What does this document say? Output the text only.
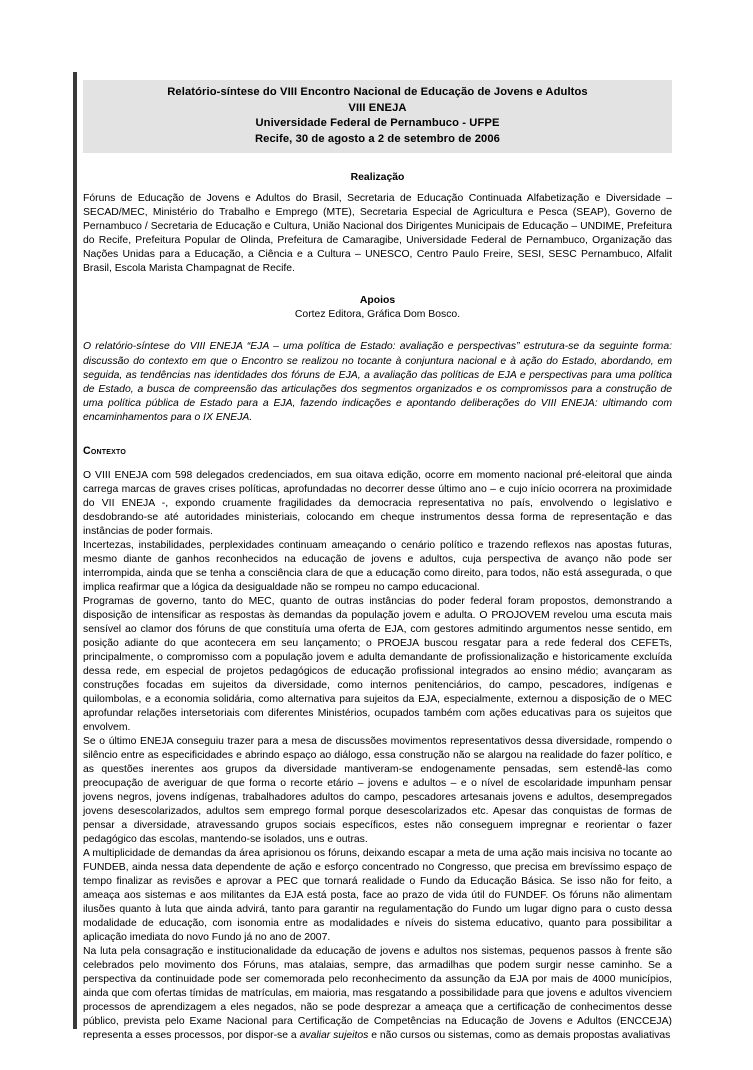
Relatório-síntese do VIII Encontro Nacional de Educação de Jovens e Adultos
VIII ENEJA
Universidade Federal de Pernambuco - UFPE
Recife, 30 de agosto a 2 de setembro de 2006
Realização

Fóruns de Educação de Jovens e Adultos do Brasil, Secretaria de Educação Continuada Alfabetização e Diversidade – SECAD/MEC, Ministério do Trabalho e Emprego (MTE), Secretaria Especial de Agricultura e Pesca (SEAP), Governo de Pernambuco / Secretaria de Educação e Cultura, União Nacional dos Dirigentes Municipais de Educação – UNDIME, Prefeitura do Recife, Prefeitura Popular de Olinda, Prefeitura de Camaragibe, Universidade Federal de Pernambuco, Organização das Nações Unidas para a Educação, a Ciência e a Cultura – UNESCO, Centro Paulo Freire, SESI, SESC Pernambuco, Alfalit Brasil, Escola Marista Champagnat de Recife.

Apoios
Cortez Editora, Gráfica Dom Bosco.

O relatório-síntese do VIII ENEJA “EJA – uma política de Estado: avaliação e perspectivas” estrutura-se da seguinte forma: discussão do contexto em que o Encontro se realizou no tocante à conjuntura nacional e à ação do Estado, abordando, em seguida, as tendências nas identidades dos fóruns de EJA, a avaliação das políticas de EJA e perspectivas para uma política de Estado, a busca de compreensão das articulações dos segmentos organizados e os compromissos para a construção de uma política pública de Estado para a EJA, fazendo indicações e apontando deliberações do VIII ENEJA: ultimando com encaminhamentos para o IX ENEJA.

Contexto

O VIII ENEJA com 598 delegados credenciados, em sua oitava edição, ocorre em momento nacional pré-eleitoral que ainda carrega marcas de graves crises políticas, aprofundadas no decorrer desse último ano – e cujo início ocorrera na proximidade do VII ENEJA -, expondo cruamente fragilidades da democracia representativa no país, envolvendo o legislativo e desdobrando-se até autoridades ministeriais, colocando em cheque instrumentos dessa forma de representação e das instâncias de poder formais.

Incertezas, instabilidades, perplexidades continuam ameaçando o cenário político e trazendo reflexos nas apostas futuras, mesmo diante de ganhos reconhecidos na educação de jovens e adultos, cuja perspectiva de avanço não pode ser interrompida, ainda que se tenha a consciência clara de que a educação como direito, para todos, não está assegurada, o que implica reafirmar que a lógica da desigualdade não se rompeu no campo educacional.

Programas de governo, tanto do MEC, quanto de outras instâncias do poder federal foram propostos, demonstrando a disposição de intensificar as respostas às demandas da população jovem e adulta. O PROJOVEM revelou uma escuta mais sensível ao clamor dos fóruns de que constituía uma oferta de EJA, com gestores admitindo argumentos nesse sentido, em posição adiante do que acontecera em seu lançamento; o PROEJA buscou resgatar para a rede federal dos CEFETs, principalmente, o compromisso com a população jovem e adulta demandante de profissionalização e historicamente excluída dessa rede, em especial de projetos pedagógicos de educação profissional integrados ao ensino médio; avançaram as construções focadas em sujeitos da diversidade, como internos penitenciários, do campo, pescadores, indígenas e quilombolas, e a economia solidária, como alternativa para sujeitos da EJA, especialmente, externou a disposição de o MEC aprofundar relações intersetoriais com diferentes Ministérios, ocupados também com ações educativas para os sujeitos que envolvem.

Se o último ENEJA conseguiu trazer para a mesa de discussões movimentos representativos dessa diversidade, rompendo o silêncio entre as especificidades e abrindo espaço ao diálogo, essa construção não se alargou na realidade do fazer político, e as questões inerentes aos grupos da diversidade mantiveram-se endogenamente pensadas, sem estendê-las como preocupação de averiguar de que forma o recorte etário – jovens e adultos – e o nível de escolaridade impunham pensar jovens negros, jovens indígenas, trabalhadores adultos do campo, pescadores artesanais jovens e adultos, desempregados jovens desescolarizados, adultos sem emprego formal porque desescolarizados etc. Apesar das conquistas de formas de pensar a diversidade, atravessando grupos sociais específicos, estes não conseguem impregnar e reorientar o fazer pedagógico das escolas, mantendo-se isolados, uns e outras.

A multiplicidade de demandas da área aprisionou os fóruns, deixando escapar a meta de uma ação mais incisiva no tocante ao FUNDEB, ainda nessa data dependente de ação e esforço concentrado no Congresso, que precisa em brevíssimo espaço de tempo finalizar as revisões e aprovar a PEC que tornará realidade o Fundo da Educação Básica. Se isso não for feito, a ameaça aos sistemas e aos militantes da EJA está posta, face ao prazo de vida útil do FUNDEF. Os fóruns não alimentam ilusões quanto à luta que ainda advirá, tanto para garantir na regulamentação do Fundo um lugar digno para o custo dessa modalidade de educação, com isonomia entre as modalidades e níveis do sistema educativo, quanto para possibilitar a aplicação imediata do novo Fundo já no ano de 2007.

Na luta pela consagração e institucionalidade da educação de jovens e adultos nos sistemas, pequenos passos à frente são celebrados pelo movimento dos Fóruns, mas atalaias, sempre, das armadilhas que podem surgir nesse caminho. Se a perspectiva da continuidade pode ser comemorada pelo reconhecimento da assunção da EJA por mais de 4000 municípios, ainda que com ofertas tímidas de matrículas, em maioria, mas resgatando a possibilidade para que jovens e adultos vivenciem processos de aprendizagem a eles negados, não se pode desprezar a ameaça que a certificação de conhecimentos desse público, prevista pelo Exame Nacional para Certificação de Competências na Educação de Jovens e Adultos (ENCCEJA) representa a esses processos, por dispor-se a avaliar sujeitos e não cursos ou sistemas, como as demais propostas avaliativas
